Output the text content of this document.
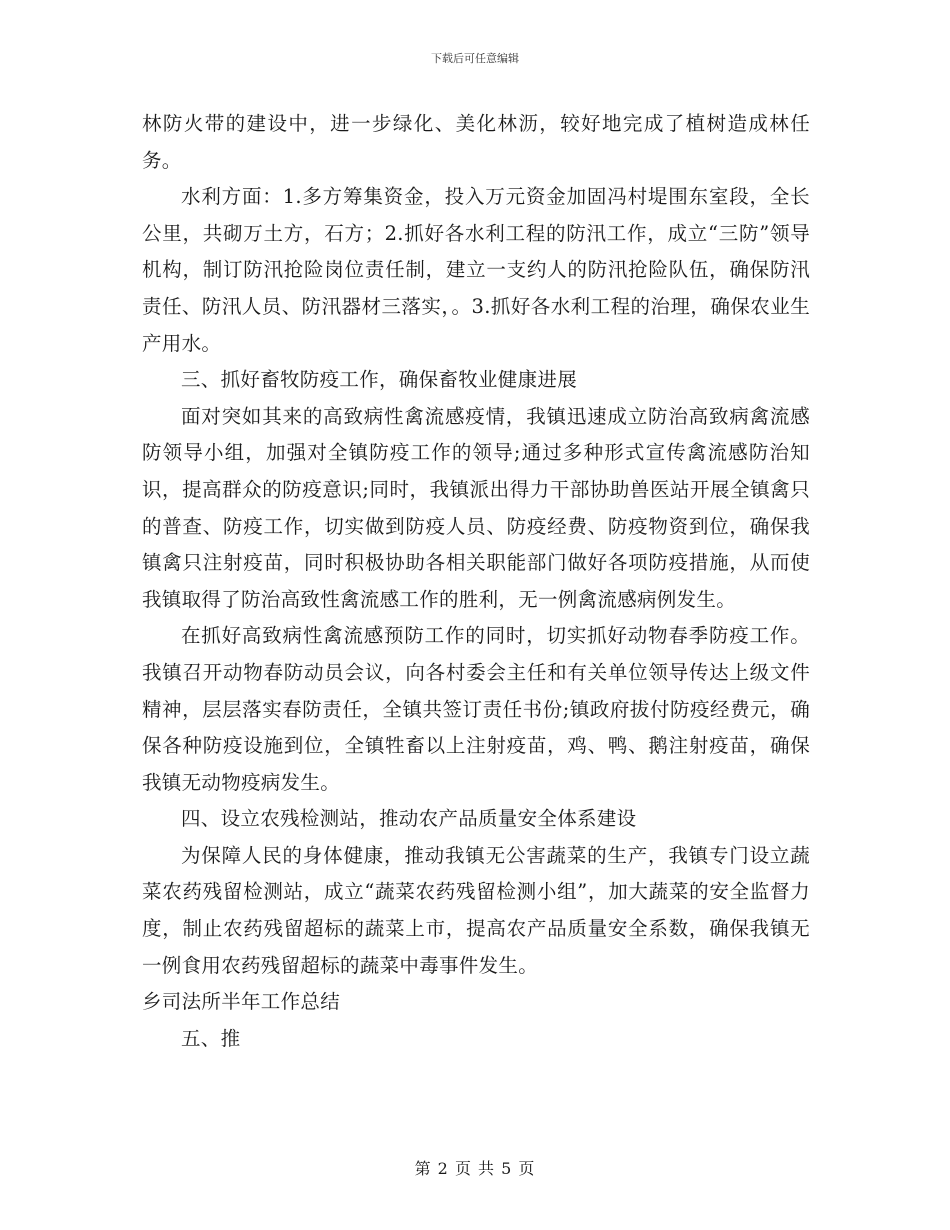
下载后可任意编辑

林防火带的建设中，进一步绿化、美化林沥，较好地完成了植树造成林任务。

水利方面：1.多方筹集资金，投入万元资金加固冯村堤围东室段，全长公里，共砌万土方，石方；2.抓好各水利工程的防汛工作，成立“三防”领导机构，制订防汛抢险岗位责任制，建立一支约人的防汛抢险队伍，确保防汛责任、防汛人员、防汛器材三落实，。3.抓好各水利工程的治理，确保农业生产用水。

三、抓好畜牧防疫工作，确保畜牧业健康进展

面对突如其来的高致病性禽流感疫情，我镇迅速成立防治高致病禽流感防领导小组，加强对全镇防疫工作的领导;通过多种形式宣传禽流感防治知识，提高群众的防疫意识;同时，我镇派出得力干部协助兽医站开展全镇禽只的普查、防疫工作，切实做到防疫人员、防疫经费、防疫物资到位，确保我镇禽只注射疫苗，同时积极协助各相关职能部门做好各项防疫措施，从而使我镇取得了防治高致性禽流感工作的胜利，无一例禽流感病例发生。

在抓好高致病性禽流感预防工作的同时，切实抓好动物春季防疫工作。我镇召开动物春防动员会议，向各村委会主任和有关单位领导传达上级文件精神，层层落实春防责任，全镇共签订责任书份;镇政府拔付防疫经费元，确保各种防疫设施到位，全镇牲畜以上注射疫苗，鸡、鸭、鹅注射疫苗，确保我镇无动物疫病发生。

四、设立农残检测站，推动农产品质量安全体系建设

为保障人民的身体健康，推动我镇无公害蔬菜的生产，我镇专门设立蔬菜农药残留检测站，成立“蔬菜农药残留检测小组”，加大蔬菜的安全监督力度，制止农药残留超标的蔬菜上市，提高农产品质量安全系数，确保我镇无一例食用农药残留超标的蔬菜中毒事件发生。

乡司法所半年工作总结

五、推

第 2 页 共 5 页
